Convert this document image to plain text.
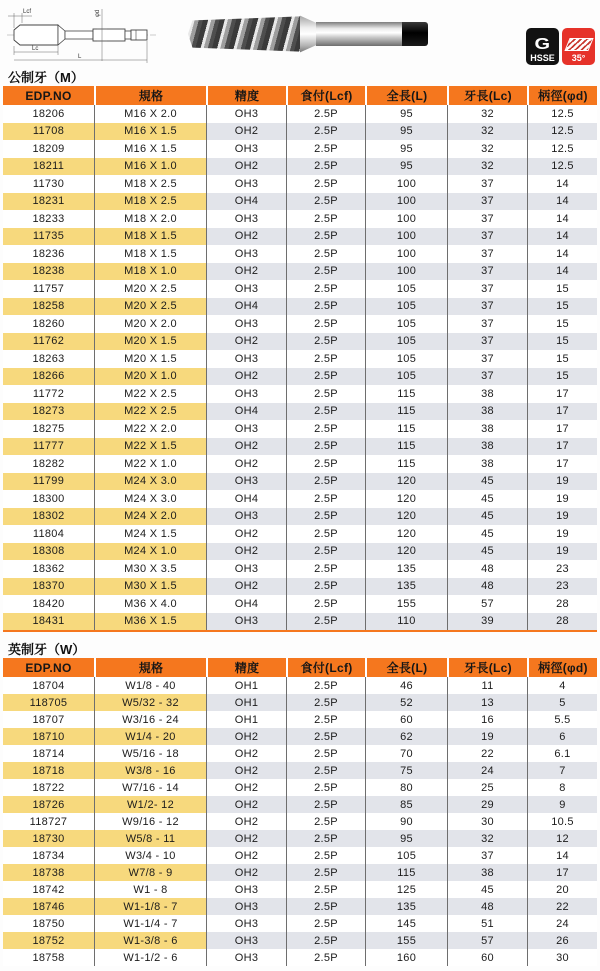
Lcf	φd
Lc
L
G
HSSE 35°
公制牙（M）
EDP.NO	規格	精度	食付(Lcf)	全長(L)	牙長(Lc)	柄徑(φd)
18206	M16 X 2.0	OH3	2.5P	95	32	12.5
11708	M16 X 1.5	OH2	2.5P	95	32	12.5
18209	M16 X 1.5	OH3	2.5P	95	32	12.5
18211	M16 X 1.0	OH2	2.5P	95	32	12.5
11730	M18 X 2.5	OH3	2.5P	100	37	14
18231	M18 X 2.5	OH4	2.5P	100	37	14
18233	M18 X 2.0	OH3	2.5P	100	37	14
11735	M18 X 1.5	OH2	2.5P	100	37	14
18236	M18 X 1.5	OH3	2.5P	100	37	14
18238	M18 X 1.0	OH2	2.5P	100	37	14
11757	M20 X 2.5	OH3	2.5P	105	37	15
18258	M20 X 2.5	OH4	2.5P	105	37	15
18260	M20 X 2.0	OH3	2.5P	105	37	15
11762	M20 X 1.5	OH2	2.5P	105	37	15
18263	M20 X 1.5	OH3	2.5P	105	37	15
18266	M20 X 1.0	OH2	2.5P	105	37	15
11772	M22 X 2.5	OH3	2.5P	115	38	17
18273	M22 X 2.5	OH4	2.5P	115	38	17
18275	M22 X 2.0	OH3	2.5P	115	38	17
11777	M22 X 1.5	OH2	2.5P	115	38	17
18282	M22 X 1.0	OH2	2.5P	115	38	17
11799	M24 X 3.0	OH3	2.5P	120	45	19
18300	M24 X 3.0	OH4	2.5P	120	45	19
18302	M24 X 2.0	OH3	2.5P	120	45	19
11804	M24 X 1.5	OH2	2.5P	120	45	19
18308	M24 X 1.0	OH2	2.5P	120	45	19
18362	M30 X 3.5	OH3	2.5P	135	48	23
18370	M30 X 1.5	OH2	2.5P	135	48	23
18420	M36 X 4.0	OH4	2.5P	155	57	28
18431	M36 X 1.5	OH3	2.5P	110	39	28
英制牙（W）
EDP.NO	規格	精度	食付(Lcf)	全長(L)	牙長(Lc)	柄徑(φd)
18704	W1/8 - 40	OH1	2.5P	46	11	4
118705	W5/32 - 32	OH1	2.5P	52	13	5
18707	W3/16 - 24	OH1	2.5P	60	16	5.5
18710	W1/4 - 20	OH2	2.5P	62	19	6
18714	W5/16 - 18	OH2	2.5P	70	22	6.1
18718	W3/8 - 16	OH2	2.5P	75	24	7
18722	W7/16 - 14	OH2	2.5P	80	25	8
18726	W1/2- 12	OH2	2.5P	85	29	9
118727	W9/16 - 12	OH2	2.5P	90	30	10.5
18730	W5/8 - 11	OH2	2.5P	95	32	12
18734	W3/4 - 10	OH2	2.5P	105	37	14
18738	W7/8 - 9	OH2	2.5P	115	38	17
18742	W1 - 8	OH3	2.5P	125	45	20
18746	W1-1/8 - 7	OH3	2.5P	135	48	22
18750	W1-1/4 - 7	OH3	2.5P	145	51	24
18752	W1-3/8 - 6	OH3	2.5P	155	57	26
18758	W1-1/2 - 6	OH3	2.5P	160	60	30
